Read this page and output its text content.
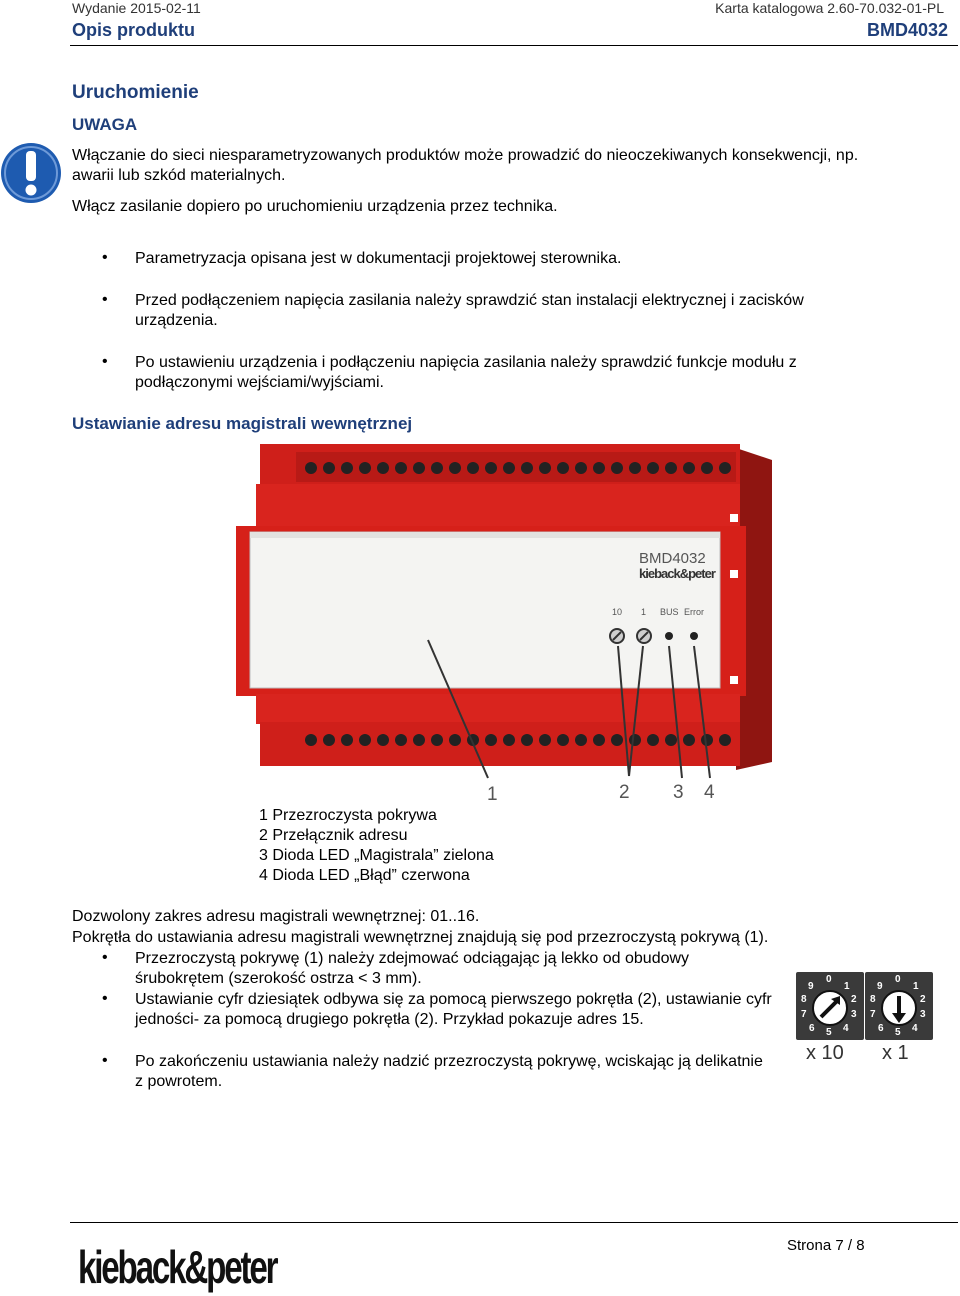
Wydanie 2015-02-11	Karta katalogowa 2.60-70.032-01-PL
Opis produktu	BMD4032
Uruchomienie
UWAGA
Włączanie do sieci niesparametryzowanych produktów może prowadzić do nieoczekiwanych konsekwencji, np.
awarii lub szkód materialnych.
Włącz zasilanie dopiero po uruchomieniu urządzenia przez technika.
• Parametryzacja opisana jest w dokumentacji projektowej sterownika.
• Przed podłączeniem napięcia zasilania należy sprawdzić stan instalacji elektrycznej i zacisków urządzenia.
• Po ustawieniu urządzenia i podłączeniu napięcia zasilania należy sprawdzić funkcje modułu z podłączonymi wejściami/wyjściami.
Ustawianie adresu magistrali wewnętrznej
BMD4032
kieback&peter
10 1 BUS Error
1	2 3 4
1 Przezroczysta pokrywa
2 Przełącznik adresu
3 Dioda LED „Magistrala” zielona
4 Dioda LED „Błąd” czerwona
Dozwolony zakres adresu magistrali wewnętrznej: 01..16.
Pokrętła do ustawiania adresu magistrali wewnętrznej znajdują się pod przezroczystą pokrywą (1).
• Przezroczystą pokrywę (1) należy zdejmować odciągając ją lekko od obudowy śrubokrętem (szerokość ostrza < 3 mm).
• Ustawianie cyfr dziesiątek odbywa się za pomocą pierwszego pokrętła (2), ustawianie cyfr jedności- za pomocą drugiego pokrętła (2). Przykład pokazuje adres 15.
• Po zakończeniu ustawiania należy nadzić przezroczystą pokrywę, wciskając ją delikatnie z powrotem.
0
1
2
3
4
5
6
7
8
9
0
1
2
3
4
5
6
7
8
9
x 10 x 1
Strona 7 / 8
kieback&peter
